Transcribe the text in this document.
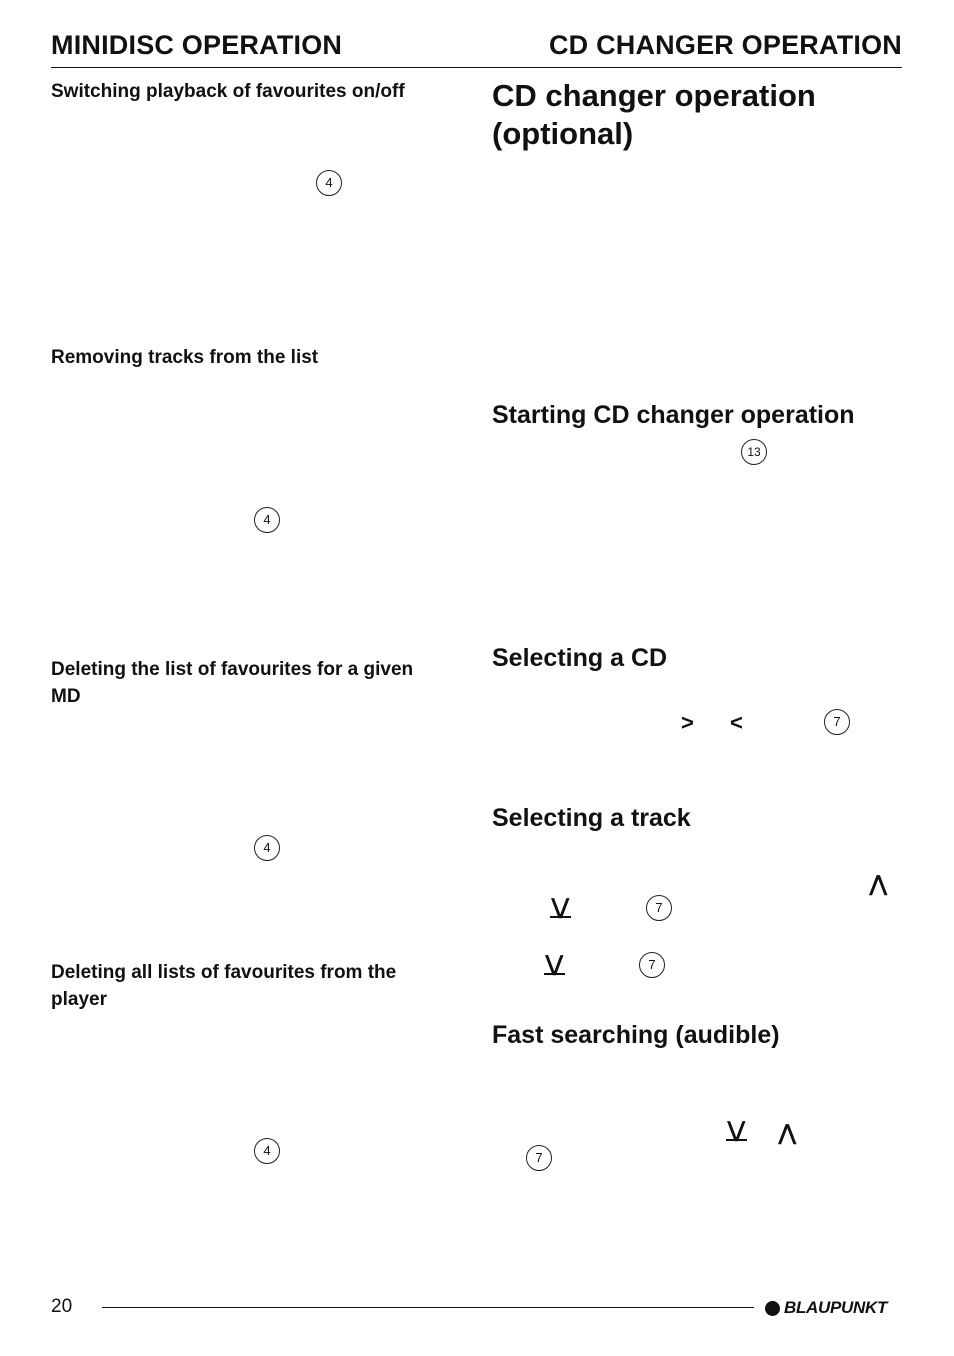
MINIDISC OPERATION	CD CHANGER OPERATION
Switching playback of favourites on/off
4
Removing tracks from the list
4
Deleting the list of favourites for a given
MD
4
Deleting all lists of favourites from the
player
4
CD changer operation
(optional)
Starting CD changer operation
13
Selecting a CD
> <	7
Selecting a track
⋀
⋁	7
⋁	7
Fast searching (audible)
⋁ ⋀
7
20	BLAUPUNKT
